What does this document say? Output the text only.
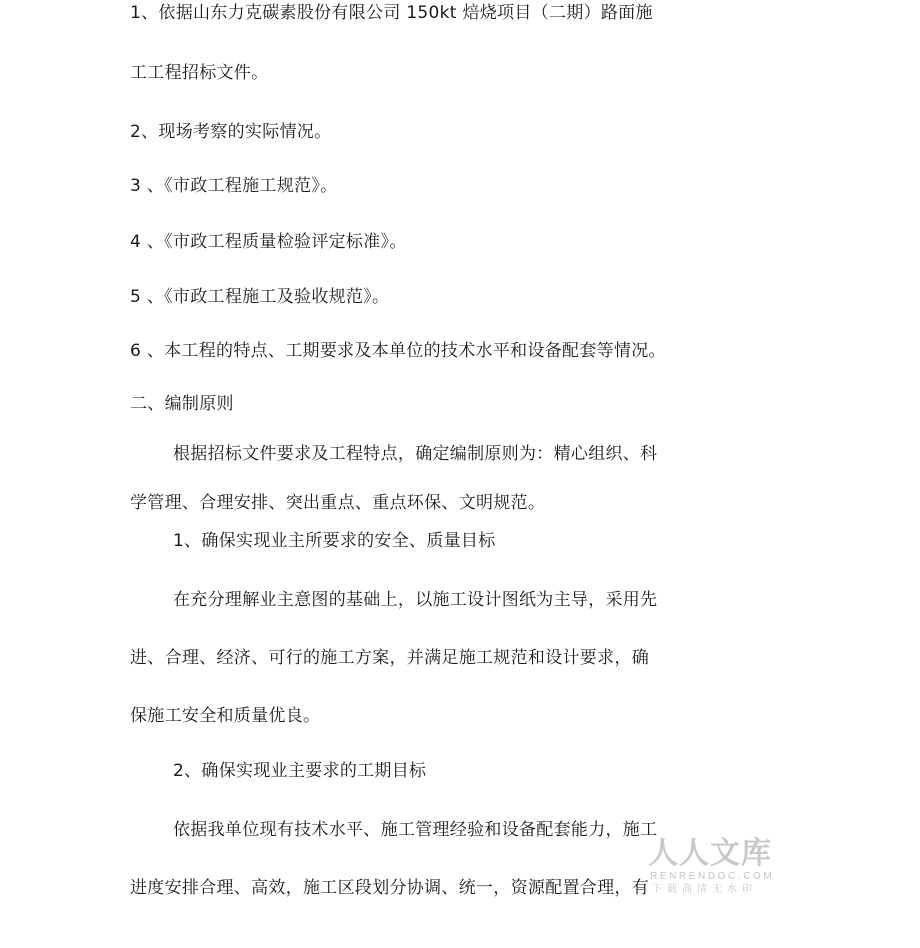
1、依据山东力克碳素股份有限公司 150kt 焙烧项目（二期）路面施
工工程招标文件。
2、现场考察的实际情况。
3 、《市政工程施工规范》。
4 、《市政工程质量检验评定标准》。
5 、《市政工程施工及验收规范》。
6 、本工程的特点、工期要求及本单位的技术水平和设备配套等情况。
二、编制原则
根据招标文件要求及工程特点，确定编制原则为：精心组织、科
学管理、合理安排、突出重点、重点环保、文明规范。
1、确保实现业主所要求的安全、质量目标
在充分理解业主意图的基础上，以施工设计图纸为主导，采用先
进、合理、经济、可行的施工方案，并满足施工规范和设计要求，确
保施工安全和质量优良。
2、确保实现业主要求的工期目标
依据我单位现有技术水平、施工管理经验和设备配套能力，施工
进度安排合理、高效，施工区段划分协调、统一，资源配置合理，有
人人文库
RENRENDOC.COM
下载高清无水印
